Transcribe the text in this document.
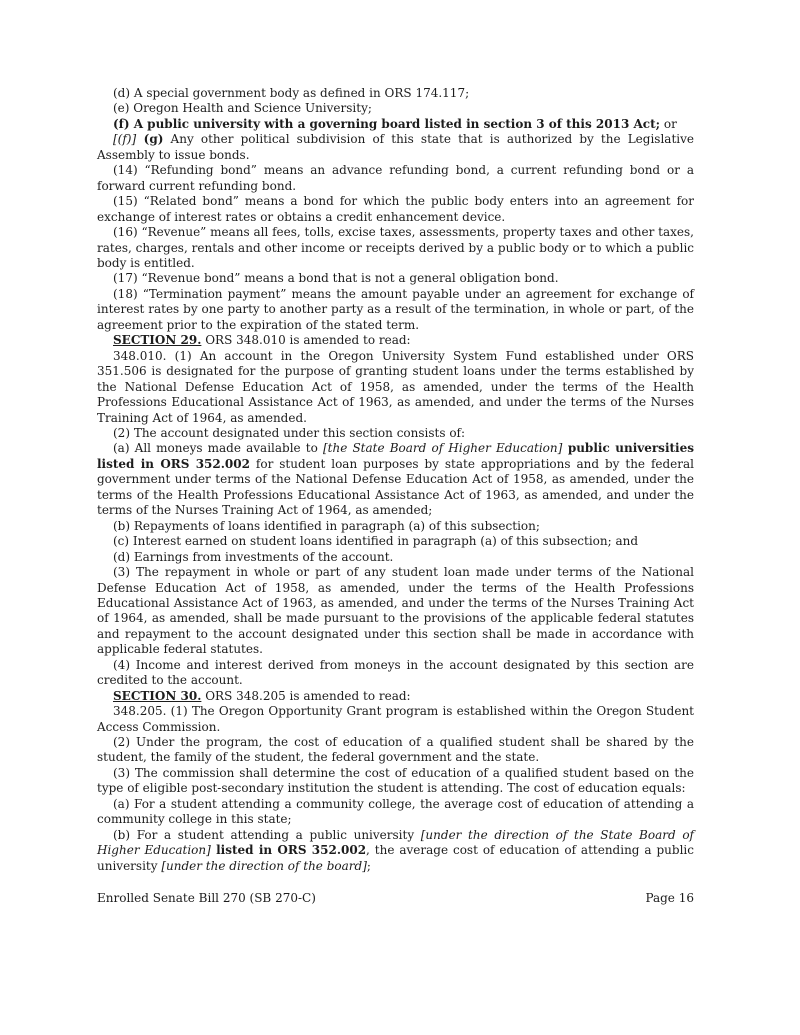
(d) A special government body as defined in ORS 174.117;

(e) Oregon Health and Science University;

(f) A public university with a governing board listed in section 3 of this 2013 Act; or

[(f)] (g) Any other political subdivision of this state that is authorized by the Legislative Assembly to issue bonds.

(14) “Refunding bond” means an advance refunding bond, a current refunding bond or a forward current refunding bond.

(15) “Related bond” means a bond for which the public body enters into an agreement for exchange of interest rates or obtains a credit enhancement device.

(16) “Revenue” means all fees, tolls, excise taxes, assessments, property taxes and other taxes, rates, charges, rentals and other income or receipts derived by a public body or to which a public body is entitled.

(17) “Revenue bond” means a bond that is not a general obligation bond.

(18) “Termination payment” means the amount payable under an agreement for exchange of interest rates by one party to another party as a result of the termination, in whole or part, of the agreement prior to the expiration of the stated term.

SECTION 29. ORS 348.010 is amended to read:

348.010. (1) An account in the Oregon University System Fund established under ORS 351.506 is designated for the purpose of granting student loans under the terms established by the National Defense Education Act of 1958, as amended, under the terms of the Health Professions Educational Assistance Act of 1963, as amended, and under the terms of the Nurses Training Act of 1964, as amended.

(2) The account designated under this section consists of:

(a) All moneys made available to [the State Board of Higher Education] public universities listed in ORS 352.002 for student loan purposes by state appropriations and by the federal government under terms of the National Defense Education Act of 1958, as amended, under the terms of the Health Professions Educational Assistance Act of 1963, as amended, and under the terms of the Nurses Training Act of 1964, as amended;

(b) Repayments of loans identified in paragraph (a) of this subsection;

(c) Interest earned on student loans identified in paragraph (a) of this subsection; and

(d) Earnings from investments of the account.

(3) The repayment in whole or part of any student loan made under terms of the National Defense Education Act of 1958, as amended, under the terms of the Health Professions Educational Assistance Act of 1963, as amended, and under the terms of the Nurses Training Act of 1964, as amended, shall be made pursuant to the provisions of the applicable federal statutes and repayment to the account designated under this section shall be made in accordance with applicable federal statutes.

(4) Income and interest derived from moneys in the account designated by this section are credited to the account.

SECTION 30. ORS 348.205 is amended to read:

348.205. (1) The Oregon Opportunity Grant program is established within the Oregon Student Access Commission.

(2) Under the program, the cost of education of a qualified student shall be shared by the student, the family of the student, the federal government and the state.

(3) The commission shall determine the cost of education of a qualified student based on the type of eligible post-secondary institution the student is attending. The cost of education equals:

(a) For a student attending a community college, the average cost of education of attending a community college in this state;

(b) For a student attending a public university [under the direction of the State Board of Higher Education] listed in ORS 352.002, the average cost of education of attending a public university [under the direction of the board];

Enrolled Senate Bill 270 (SB 270-C)	Page 16
